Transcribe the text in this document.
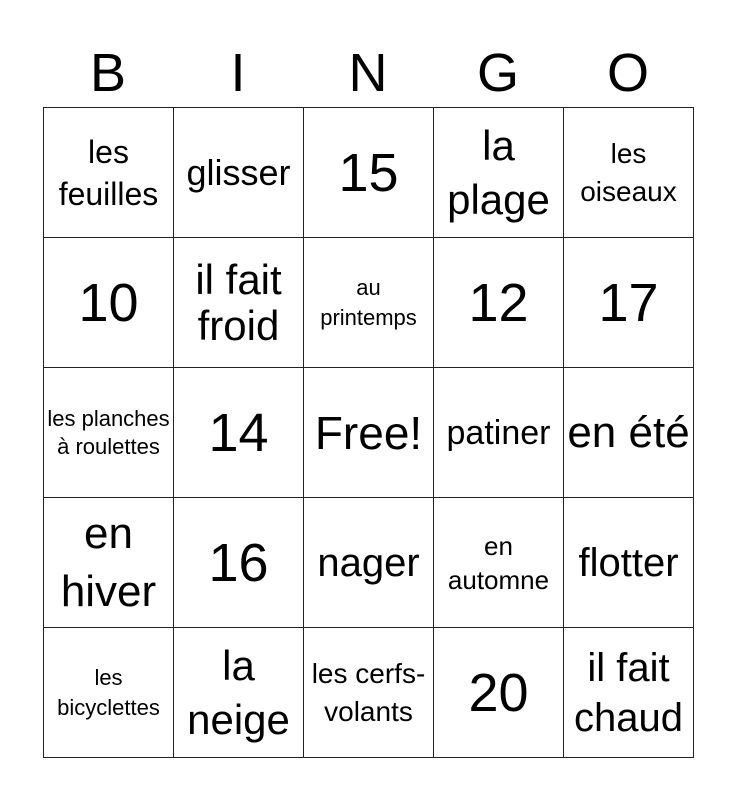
B	I	N	G	O
les feuilles	glisser	15	la plage	les oiseaux

10	il fait froid	au printemps	12	17

les planches à roulettes	14	Free!	patiner	en été

en hiver	16	nager	en automne	flotter

les bicyclettes	la neige	les cerfs-volants	20	il fait chaud
